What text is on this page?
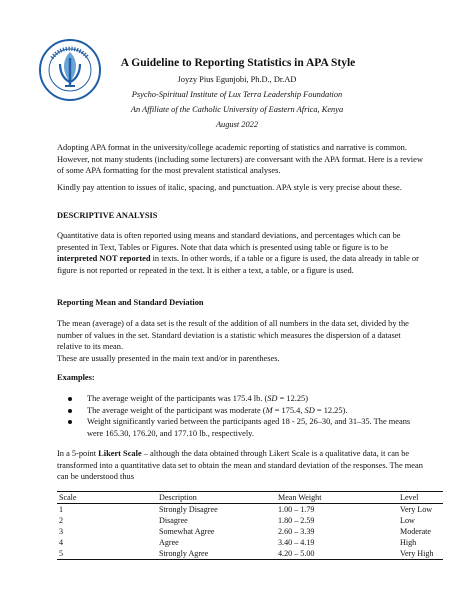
A Guideline to Reporting Statistics in APA Style
Joyzy Pius Egunjobi, Ph.D., Dr.AD
Psycho-Spiritual Institute of Lux Terra Leadership Foundation
An Affiliate of the Catholic University of Eastern Africa, Kenya
August 2022

Adopting APA format in the university/college academic reporting of statistics and narrative is common. However, not many students (including some lecturers) are conversant with the APA format. Here is a review of some APA formatting for the most prevalent statistical analyses.

Kindly pay attention to issues of italic, spacing, and punctuation. APA style is very precise about these.

DESCRIPTIVE ANALYSIS

Quantitative data is often reported using means and standard deviations, and percentages which can be presented in Text, Tables or Figures. Note that data which is presented using table or figure is to be interpreted NOT reported in texts. In other words, if a table or a figure is used, the data already in table or figure is not reported or repeated in the text. It is either a text, a table, or a figure is used.

Reporting Mean and Standard Deviation

The mean (average) of a data set is the result of the addition of all numbers in the data set, divided by the number of values in the set. Standard deviation is a statistic which measures the dispersion of a dataset relative to its mean.

These are usually presented in the main text and/or in parentheses.

Examples:
The average weight of the participants was 175.4 lb. (SD = 12.25)
The average weight of the participant was moderate (M = 175.4, SD = 12.25).
Weight significantly varied between the participants aged 18 - 25, 26–30, and 31–35. The means were 165.30, 176.20, and 177.10 lb., respectively.

In a 5-point Likert Scale – although the data obtained through Likert Scale is a qualitative data, it can be transformed into a quantitative data set to obtain the mean and standard deviation of the responses. The mean can be understood thus

Scale	Description	Mean Weight	Level
1	Strongly Disagree	1.00 – 1.79	Very Low
2	Disagree	1.80 – 2.59	Low
3	Somewhat Agree	2.60 – 3.39	Moderate
4	Agree	3.40 – 4.19	High
5	Strongly Agree	4.20 – 5.00	Very High
